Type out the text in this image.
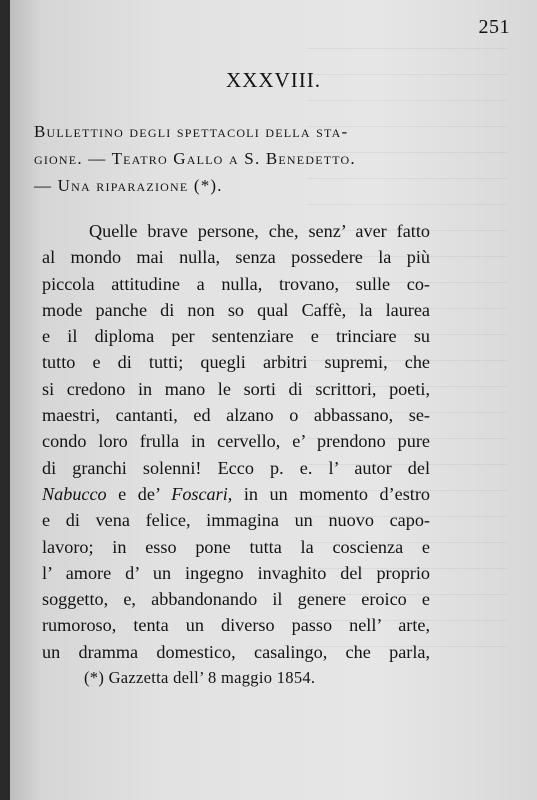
251
XXXVIII.
Bullettino degli spettacoli della sta-
gione. — Teatro Gallo a S. Benedetto.
— Una riparazione (*).
Quelle brave persone, che, senz’ aver fatto
al mondo mai nulla, senza possedere la più
piccola attitudine a nulla, trovano, sulle co-
mode panche di non so qual Caffè, la laurea
e il diploma per sentenziare e trinciare su
tutto e di tutti; quegli arbitri supremi, che
si credono in mano le sorti di scrittori, poeti,
maestri, cantanti, ed alzano o abbassano, se-
condo loro frulla in cervello, e’ prendono pure
di granchi solenni! Ecco p. e. l’ autor del
Nabucco e de’ Foscari, in un momento d’estro
e di vena felice, immagina un nuovo capo-
lavoro; in esso pone tutta la coscienza e
l’ amore d’ un ingegno invaghito del proprio
soggetto, e, abbandonando il genere eroico e
rumoroso, tenta un diverso passo nell’ arte,
un dramma domestico, casalingo, che parla,
(*) Gazzetta dell’ 8 maggio 1854.
